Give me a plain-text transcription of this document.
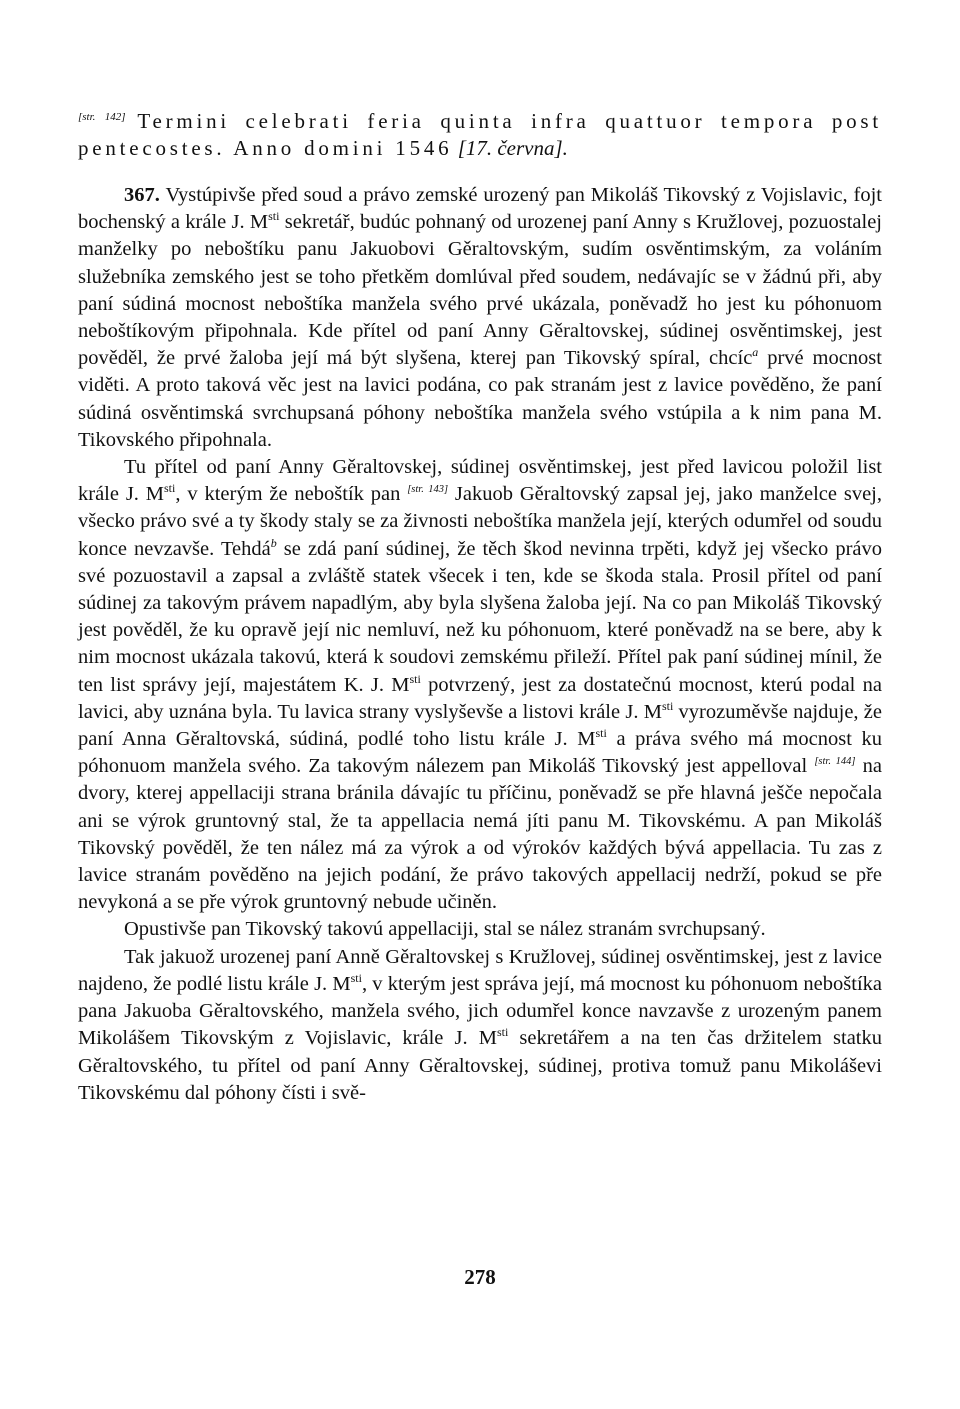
[str. 142] Termini celebrati feria quinta infra quattuor tempora post pentecostes. Anno domini 1546 [17. června].

367. Vystúpivše před soud a právo zemské urozený pan Mikoláš Tikovský z Vojislavic, fojt bochenský a krále J. $M^{sti}$ sekretář, budúc pohnaný od urozenej paní Anny s Kružlovej, pozuostalej manželky po neboštíku panu Jakuobovi Gěraltovským, sudím osvěntimským, za voláním služebníka zemského jest se toho přetkěm domlúval před soudem, nedávajíc se v žádnú při, aby paní súdiná mocnost neboštíka manžela svého prvé ukázala, poněvadž ho jest ku póhonuom neboštíkovým připohnala. Kde přítel od paní Anny Gěraltovskej, súdinej osvěntimskej, jest pověděl, že prvé žaloba její má být slyšena, kterej pan Tikovský spíral, chcíc$^a$ prvé mocnost viděti. A proto taková věc jest na lavici podána, co pak stranám jest z lavice pověděno, že paní súdiná osvěntimská svrchupsaná póhony neboštíka manžela svého vstúpila a k nim pana M. Tikovského připohnala.

Tu přítel od paní Anny Gěraltovskej, súdinej osvěntimskej, jest před lavicou položil list krále J. $M^{sti}$, v kterým že neboštík pan [str. 143] Jakuob Gěraltovský zapsal jej, jako manželce svej, všecko právo své a ty škody staly se za živnosti neboštíka manžela její, kterých odumřel od soudu konce nevzavše. Tehdá$^b$ se zdá paní súdinej, že těch škod nevinna trpěti, když jej všecko právo své pozuostavil a zapsal a zvláště statek všecek i ten, kde se škoda stala. Prosil přítel od paní súdinej za takovým právem napadlým, aby byla slyšena žaloba její. Na co pan Mikoláš Tikovský jest pověděl, že ku opravě její nic nemluví, než ku póhonuom, které poněvadž na se bere, aby k nim mocnost ukázala takovú, která k soudovi zemskému přileží. Přítel pak paní súdinej mínil, že ten list správy její, majestátem K. J. $M^{sti}$ potvrzený, jest za dostatečnú mocnost, kterú podal na lavici, aby uznána byla. Tu lavica strany vyslyševše a listovi krále J. $M^{sti}$ vyrozuměvše najduje, že paní Anna Gěraltovská, súdiná, podlé toho listu krále J. $M^{sti}$ a práva svého má mocnost ku póhonuom manžela svého. Za takovým nálezem pan Mikoláš Tikovský jest appelloval [str. 144] na dvory, kterej appellaciji strana bránila dávajíc tu příčinu, poněvadž se pře hlavná ješče nepočala ani se výrok gruntovný stal, že ta appellacia nemá jíti panu M. Tikovskému. A pan Mikoláš Tikovský pověděl, že ten nález má za výrok a od výrokóv každých bývá appellacia. Tu zas z lavice stranám pověděno na jejich podání, že právo takových appellacij nedrží, pokud se pře nevykoná a se pře výrok gruntovný nebude učiněn.

Opustivše pan Tikovský takovú appellaciji, stal se nález stranám svrchupsaný.

Tak jakuož urozenej paní Anně Gěraltovskej s Kružlovej, súdinej osvěntimskej, jest z lavice najdeno, že podlé listu krále J. $M^{sti}$, v kterým jest správa její, má mocnost ku póhonuom neboštíka pana Jakuoba Gěraltovského, manžela svého, jich odumřel konce navzavše z urozeným panem Mikolášem Tikovským z Vojislavic, krále J. $M^{sti}$ sekretářem a na ten čas držitelem statku Gěraltovského, tu přítel od paní Anny Gěraltovskej, súdinej, protiva tomuž panu Mikoláševi Tikovskému dal póhony čísti i svě-

278
